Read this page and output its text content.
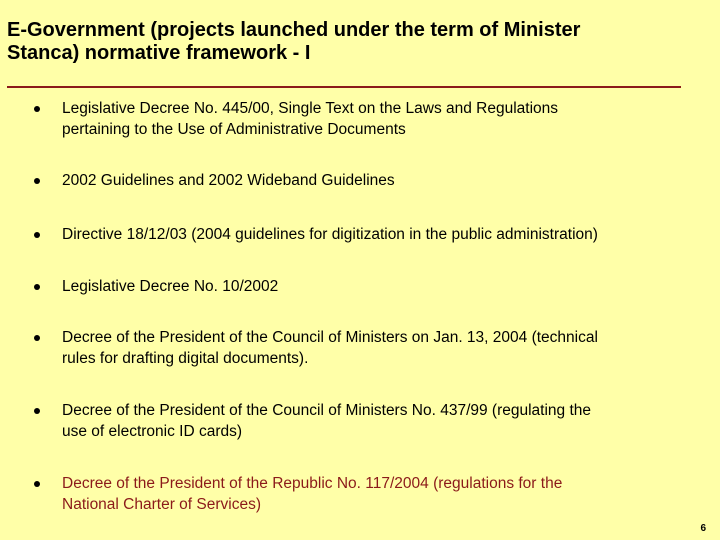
E-Government (projects launched under the term of Minister
Stanca) normative framework - I
Legislative Decree No. 445/00, Single Text on the Laws and Regulations
pertaining to the Use of Administrative Documents
2002 Guidelines and 2002 Wideband Guidelines
Directive 18/12/03 (2004 guidelines for digitization in the public administration)
Legislative Decree No. 10/2002
Decree of the President of the Council of Ministers on Jan. 13, 2004 (technical
rules for drafting digital documents).
Decree of the President of the Council of Ministers No. 437/99 (regulating the
use of electronic ID cards)
Decree of the President of the Republic No. 117/2004 (regulations for the
National Charter of Services)
6
